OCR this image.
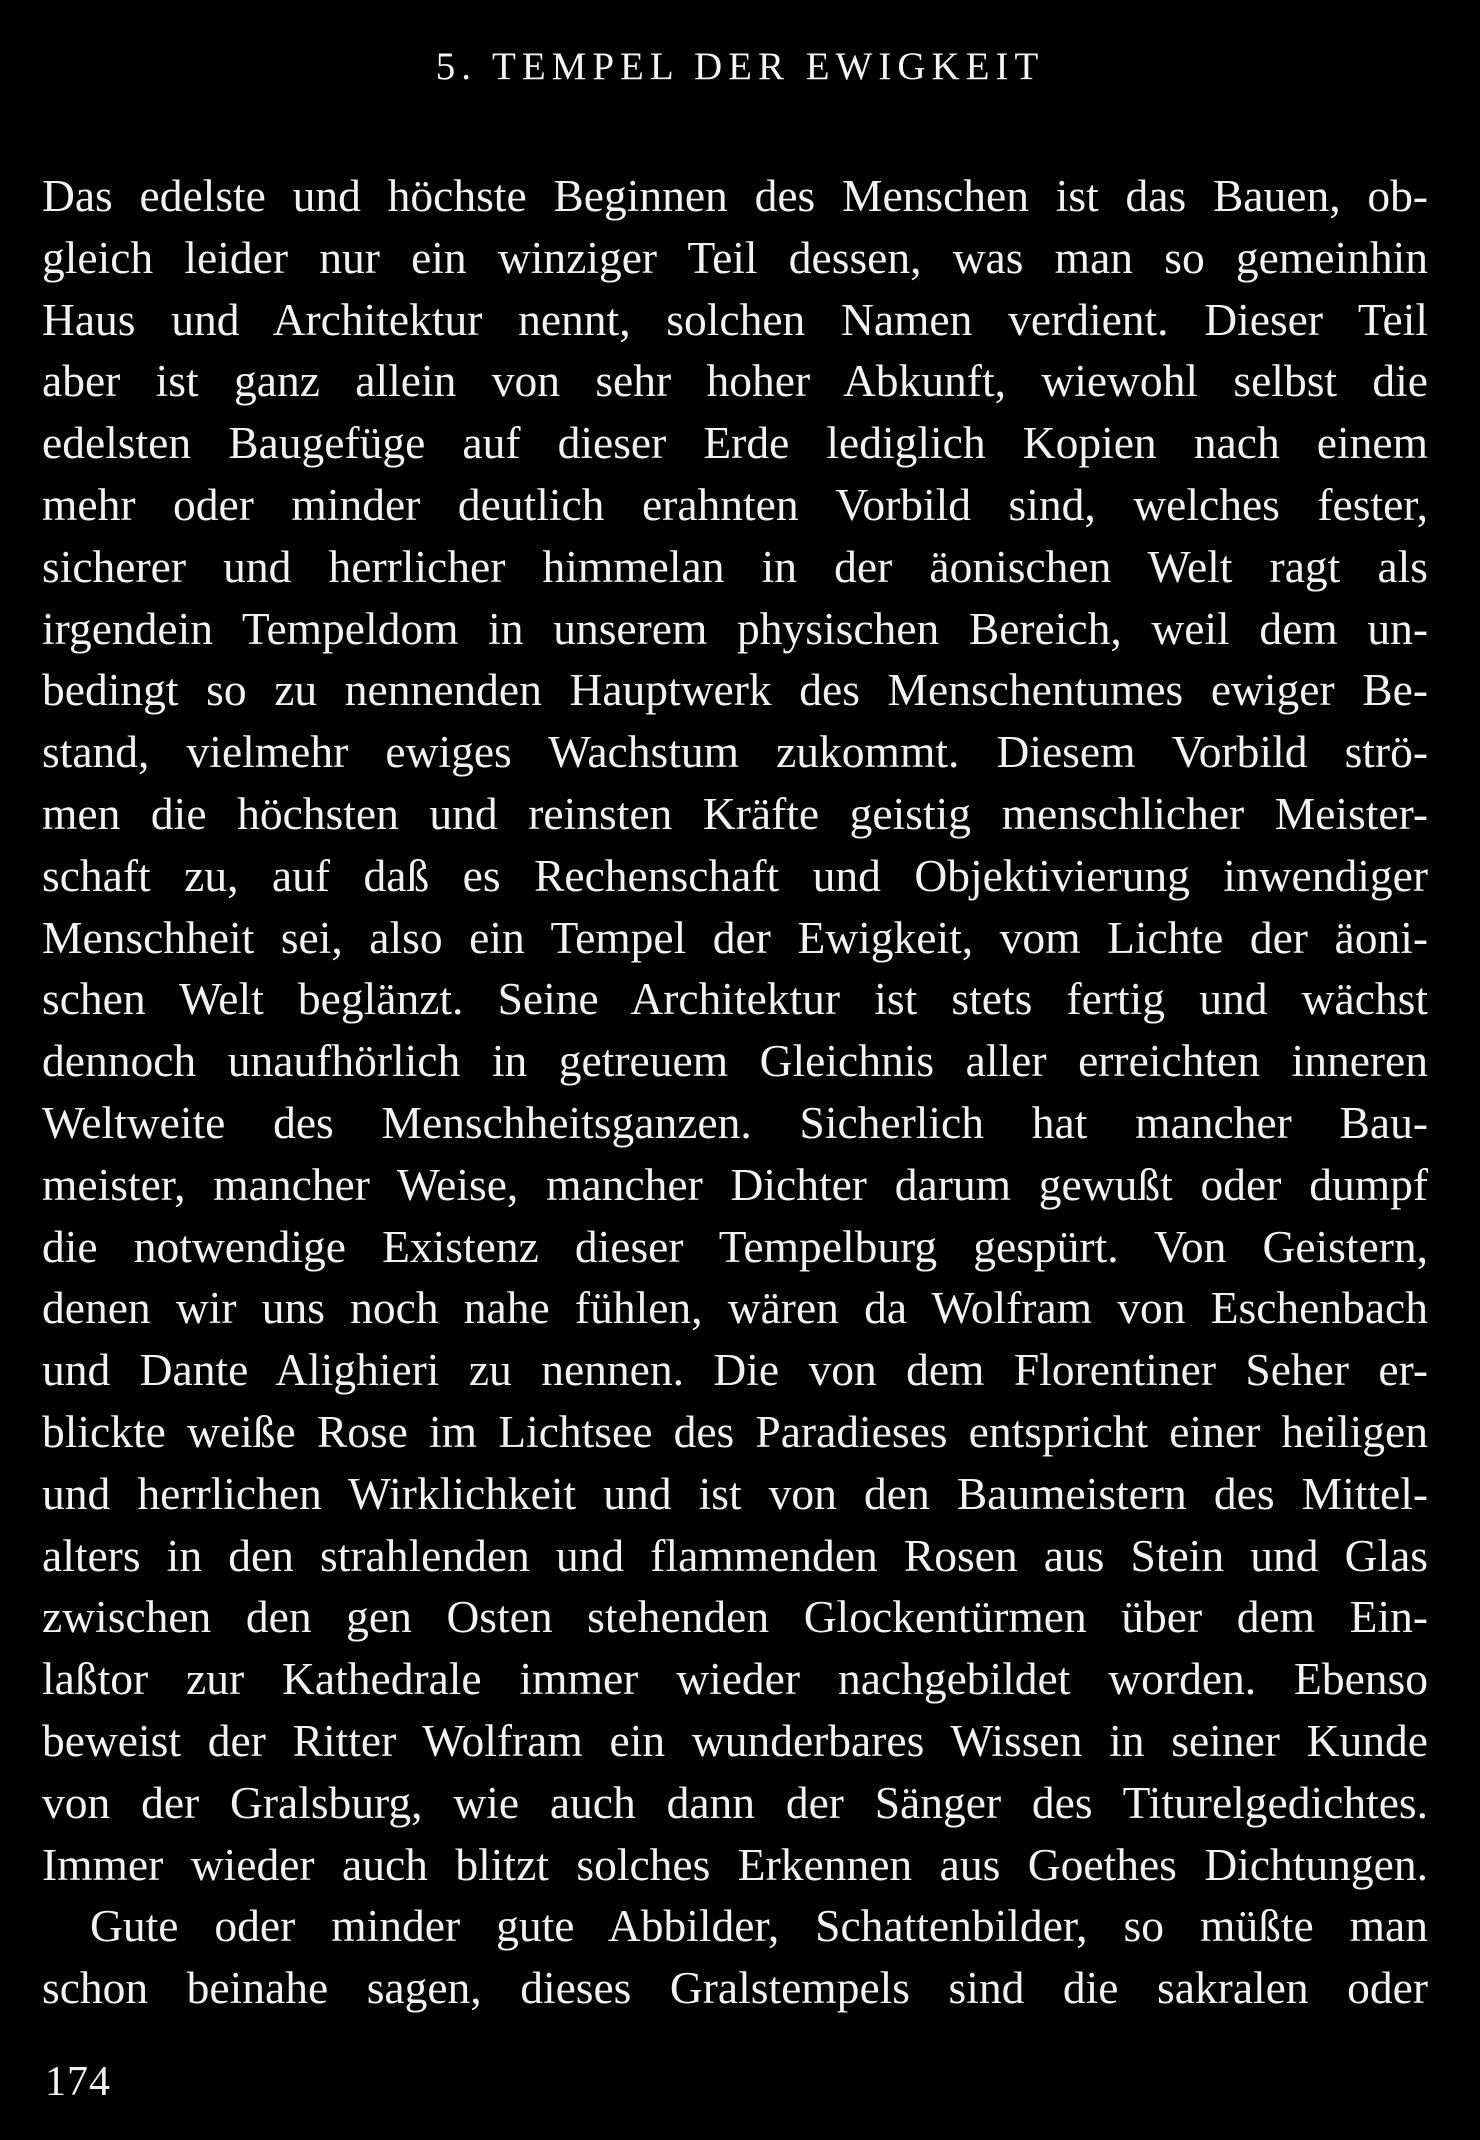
5. TEMPEL DER EWIGKEIT
Das edelste und höchste Beginnen des Menschen ist das Bauen, ob-
gleich leider nur ein winziger Teil dessen, was man so gemeinhin
Haus und Architektur nennt, solchen Namen verdient. Dieser Teil
aber ist ganz allein von sehr hoher Abkunft, wiewohl selbst die
edelsten Baugefüge auf dieser Erde lediglich Kopien nach einem
mehr oder minder deutlich erahnten Vorbild sind, welches fester,
sicherer und herrlicher himmelan in der äonischen Welt ragt als
irgendein Tempeldom in unserem physischen Bereich, weil dem un-
bedingt so zu nennenden Hauptwerk des Menschentumes ewiger Be-
stand, vielmehr ewiges Wachstum zukommt. Diesem Vorbild strö-
men die höchsten und reinsten Kräfte geistig menschlicher Meister-
schaft zu, auf daß es Rechenschaft und Objektivierung inwendiger
Menschheit sei, also ein Tempel der Ewigkeit, vom Lichte der äoni-
schen Welt beglänzt. Seine Architektur ist stets fertig und wächst
dennoch unaufhörlich in getreuem Gleichnis aller erreichten inneren
Weltweite des Menschheitsganzen. Sicherlich hat mancher Bau-
meister, mancher Weise, mancher Dichter darum gewußt oder dumpf
die notwendige Existenz dieser Tempelburg gespürt. Von Geistern,
denen wir uns noch nahe fühlen, wären da Wolfram von Eschenbach
und Dante Alighieri zu nennen. Die von dem Florentiner Seher er-
blickte weiße Rose im Lichtsee des Paradieses entspricht einer heiligen
und herrlichen Wirklichkeit und ist von den Baumeistern des Mittel-
alters in den strahlenden und flammenden Rosen aus Stein und Glas
zwischen den gen Osten stehenden Glockentürmen über dem Ein-
laßtor zur Kathedrale immer wieder nachgebildet worden. Ebenso
beweist der Ritter Wolfram ein wunderbares Wissen in seiner Kunde
von der Gralsburg, wie auch dann der Sänger des Titurelgedichtes.
Immer wieder auch blitzt solches Erkennen aus Goethes Dichtungen.
Gute oder minder gute Abbilder, Schattenbilder, so müßte man
schon beinahe sagen, dieses Gralstempels sind die sakralen oder
174
